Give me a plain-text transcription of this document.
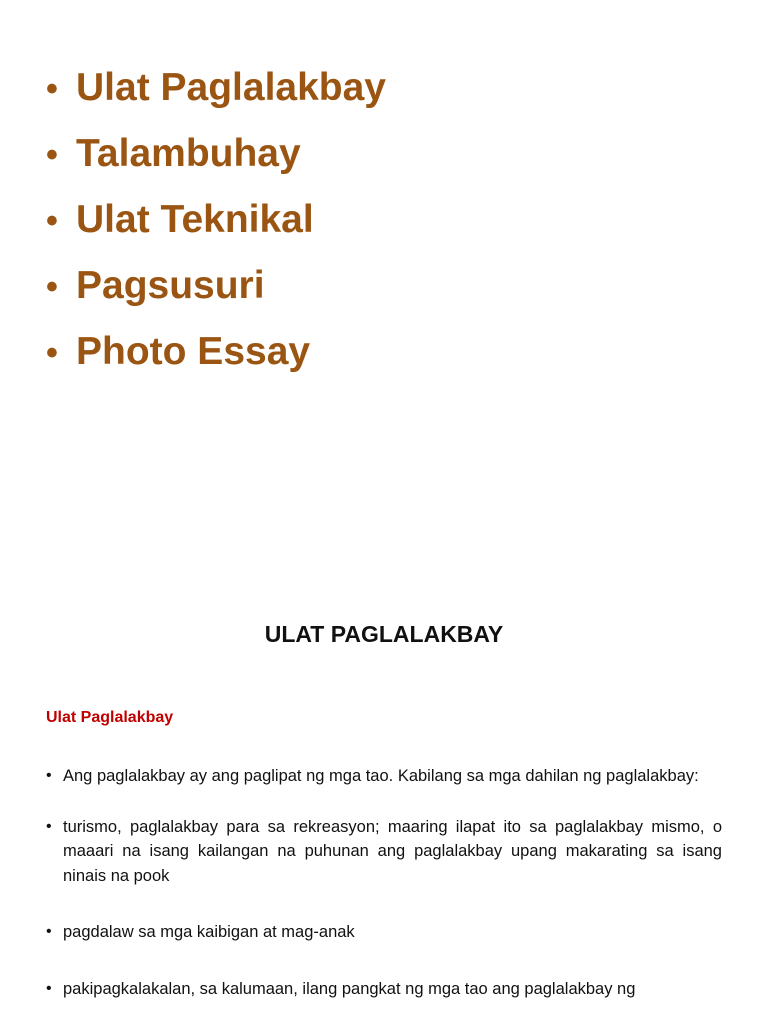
• Ulat Paglalakbay
• Talambuhay
• Ulat Teknikal
• Pagsusuri
• Photo Essay
ULAT PAGLALAKBAY
Ulat Paglalakbay
• Ang paglalakbay ay ang paglipat ng mga tao. Kabilang sa mga dahilan ng paglalakbay:
• turismo, paglalakbay para sa rekreasyon; maaring ilapat ito sa paglalakbay mismo, o maaari na isang kailangan na puhunan ang paglalakbay upang makarating sa isang ninais na pook
• pagdalaw sa mga kaibigan at mag-anak
• pakipagkalakalan, sa kalumaan, ilang pangkat ng mga tao ang paglalakbay ng
